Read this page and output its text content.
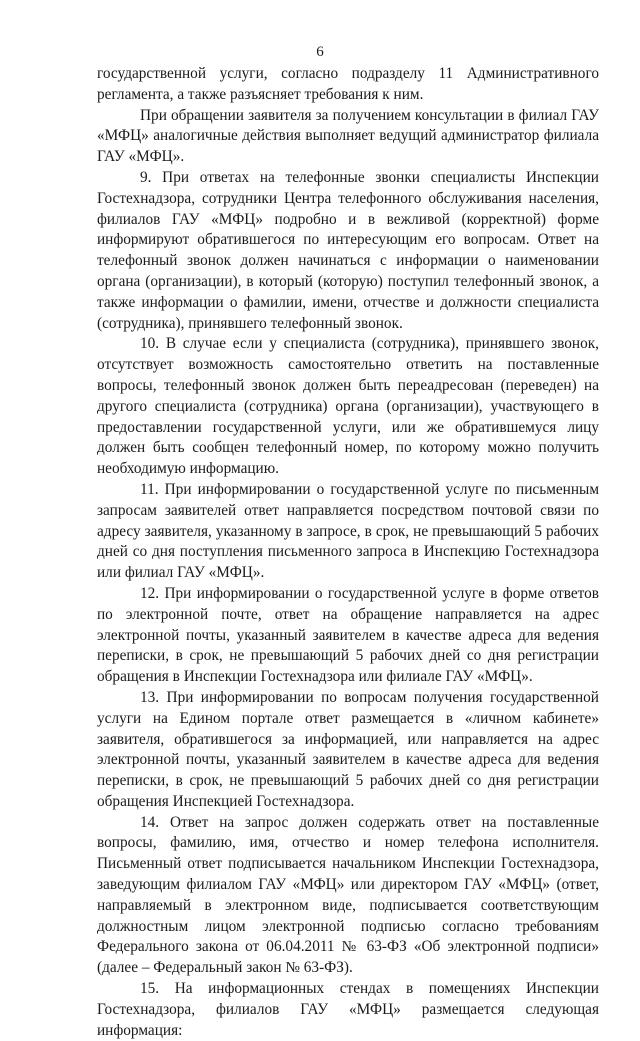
6

государственной услуги, согласно подразделу 11 Административного регламента, а также разъясняет требования к ним.

При обращении заявителя за получением консультации в филиал ГАУ «МФЦ» аналогичные действия выполняет ведущий администратор филиала ГАУ «МФЦ».

9. При ответах на телефонные звонки специалисты Инспекции Гостехнадзора, сотрудники Центра телефонного обслуживания населения, филиалов ГАУ «МФЦ» подробно и в вежливой (корректной) форме информируют обратившегося по интересующим его вопросам. Ответ на телефонный звонок должен начинаться с информации о наименовании органа (организации), в который (которую) поступил телефонный звонок, а также информации о фамилии, имени, отчестве и должности специалиста (сотрудника), принявшего телефонный звонок.

10. В случае если у специалиста (сотрудника), принявшего звонок, отсутствует возможность самостоятельно ответить на поставленные вопросы, телефонный звонок должен быть переадресован (переведен) на другого специалиста (сотрудника) органа (организации), участвующего в предоставлении государственной услуги, или же обратившемуся лицу должен быть сообщен телефонный номер, по которому можно получить необходимую информацию.

11. При информировании о государственной услуге по письменным запросам заявителей ответ направляется посредством почтовой связи по адресу заявителя, указанному в запросе, в срок, не превышающий 5 рабочих дней со дня поступления письменного запроса в Инспекцию Гостехнадзора или филиал ГАУ «МФЦ».

12. При информировании о государственной услуге в форме ответов по электронной почте, ответ на обращение направляется на адрес электронной почты, указанный заявителем в качестве адреса для ведения переписки, в срок, не превышающий 5 рабочих дней со дня регистрации обращения в Инспекции Гостехнадзора или филиале ГАУ «МФЦ».

13. При информировании по вопросам получения государственной услуги на Едином портале ответ размещается в «личном кабинете» заявителя, обратившегося за информацией, или направляется на адрес электронной почты, указанный заявителем в качестве адреса для ведения переписки, в срок, не превышающий 5 рабочих дней со дня регистрации обращения Инспекцией Гостехнадзора.

14. Ответ на запрос должен содержать ответ на поставленные вопросы, фамилию, имя, отчество и номер телефона исполнителя. Письменный ответ подписывается начальником Инспекции Гостехнадзора, заведующим филиалом ГАУ «МФЦ» или директором ГАУ «МФЦ» (ответ, направляемый в электронном виде, подписывается соответствующим должностным лицом электронной подписью согласно требованиям Федерального закона от 06.04.2011 № 63-ФЗ «Об электронной подписи» (далее – Федеральный закон № 63-ФЗ).

15. На информационных стендах в помещениях Инспекции Гостехнадзора, филиалов ГАУ «МФЦ» размещается следующая информация:
